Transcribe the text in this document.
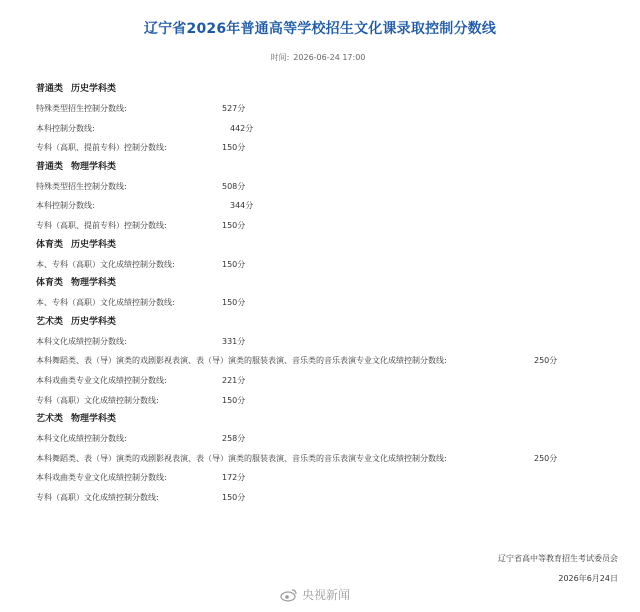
辽宁省2026年普通高等学校招生文化课录取控制分数线
时间: 2026-06-24 17:00
普通类 历史学科类
特殊类型招生控制分数线:	527分
本科控制分数线:	442分
专科（高职、提前专科）控制分数线:	150分
普通类 物理学科类
特殊类型招生控制分数线:	508分
本科控制分数线:	344分
专科（高职、提前专科）控制分数线:	150分
体育类 历史学科类
本、专科（高职）文化成绩控制分数线:	150分
体育类 物理学科类
本、专科（高职）文化成绩控制分数线:	150分
艺术类 历史学科类
本科文化成绩控制分数线:	331分
本科舞蹈类、表（导）演类的戏剧影视表演、表（导）演类的服装表演、音乐类的音乐表演专业文化成绩控制分数线:	250分
本科戏曲类专业文化成绩控制分数线:	221分
专科（高职）文化成绩控制分数线:	150分
艺术类 物理学科类
本科文化成绩控制分数线:	258分
本科舞蹈类、表（导）演类的戏剧影视表演、表（导）演类的服装表演、音乐类的音乐表演专业文化成绩控制分数线:	250分
本科戏曲类专业文化成绩控制分数线:	172分
专科（高职）文化成绩控制分数线:	150分
辽宁省高中等教育招生考试委员会
2026年6月24日
央视新闻
